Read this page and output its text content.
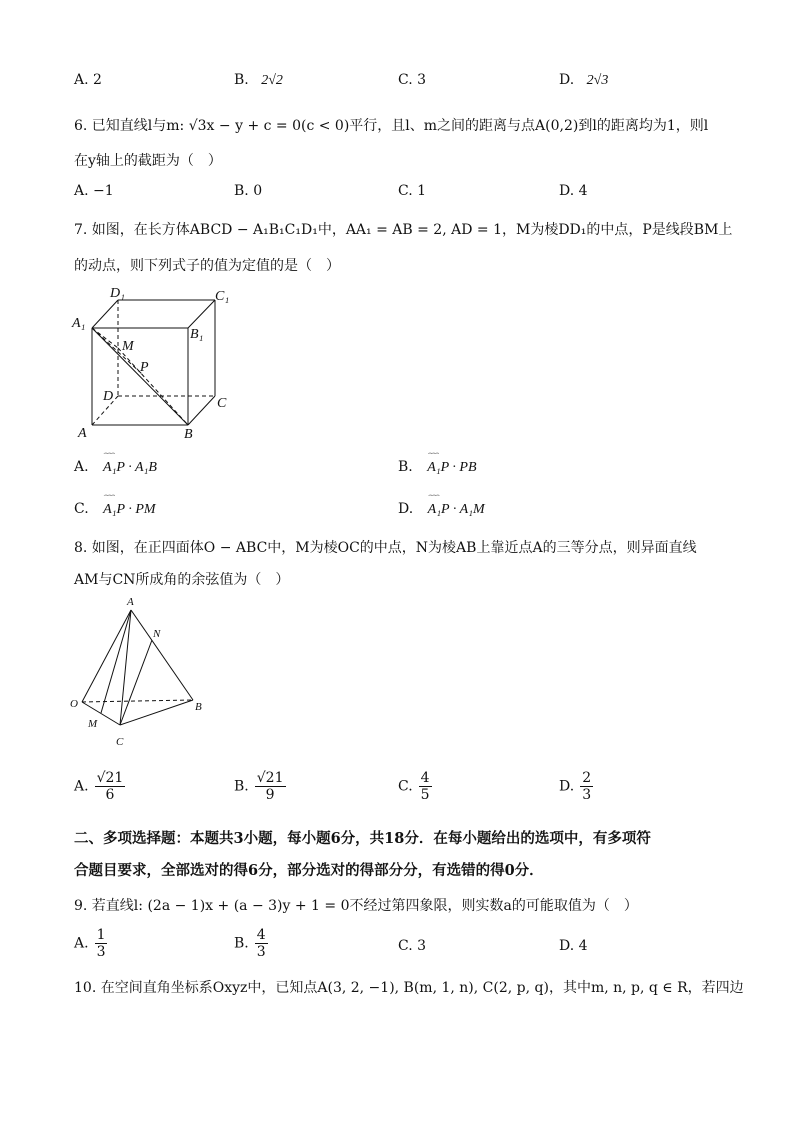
A. 2	B. 2√2	C. 3	D. 2√3
6. 已知直线l与m: √3x − y + c = 0(c < 0)平行，且l、m之间的距离与点A(0,2)到l的距离均为1，则l
在y轴上的截距为（　）
A. −1	B. 0	C. 1	D. 4
7. 如图，在长方体ABCD − A₁B₁C₁D₁中，AA₁ = AB = 2, AD = 1，M为棱DD₁的中点，P是线段BM上
的动点，则下列式子的值为定值的是（　）
D₁	C₁
A₁
B₁
M
P
D	C
A	B
A. ⌢⌢⌢ A₁P · A₁B	B. ⌢⌢⌢ A₁P · PB
C. ⌢⌢⌢ A₁P · PM	D. ⌢⌢⌢ A₁P · A₁M
8. 如图，在正四面体O − ABC中，M为棱OC的中点，N为棱AB上靠近点A的三等分点，则异面直线
AM与CN所成角的余弦值为（　）
A
N
O	B
M
C
A. $\frac{√21}{6}$	B. $\frac{√21}{9}$	C. $\frac{4}{5}$	D. $\frac{2}{3}$
二、多项选择题：本题共3小题，每小题6分，共18分．在每小题给出的选项中，有多项符
合题目要求，全部选对的得6分，部分选对的得部分分，有选错的得0分．
9. 若直线l: (2a − 1)x + (a − 3)y + 1 = 0不经过第四象限，则实数a的可能取值为（　）
A. $\frac{1}{3}$	B. $\frac{4}{3}$	C. 3	D. 4
10. 在空间直角坐标系Oxyz中，已知点A(3, 2, −1), B(m, 1, n), C(2, p, q)，其中m, n, p, q ∈ R，若四边
